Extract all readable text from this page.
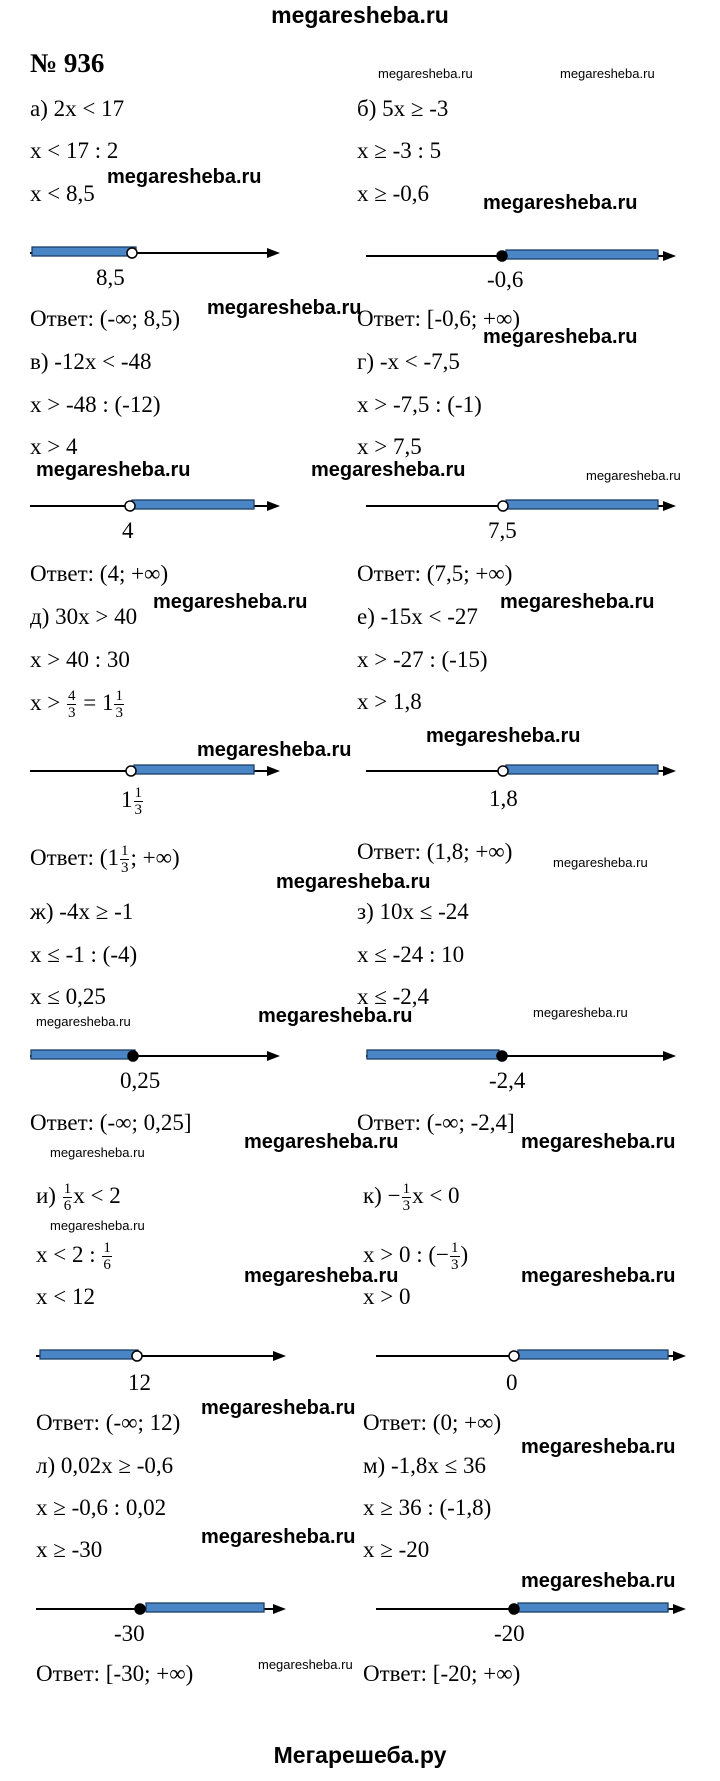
megaresheba.ru
Мегарешеба.ру
№ 936
а) 2x < 17
x < 17 : 2
x < 8,5
8,5
Ответ: (-∞; 8,5)
в) -12x < -48
x > -48 : (-12)
x > 4
4
Ответ: (4; +∞)
д) 30x > 40
x > 40 : 30
$x > \frac{4}{3} = 1 \frac{1}{3}$
$1 \frac{1}{3}$
Ответ: ($1 \frac{1}{3}$ ; +∞)
ж) -4x ≥ -1
x ≤ -1 : (-4)
x ≤ 0,25
0,25
Ответ: (-∞; 0,25]
$и) \frac{1}{6}$ x < 2
x < 2 : $\frac{1}{6}$
x < 12
12
Ответ: (-∞; 12)
л) 0,02x ≥ -0,6
x ≥ -0,6 : 0,02
x ≥ -30
-30
Ответ: [-30; +∞)
б) 5x ≥ -3
x ≥ -3 : 5
x ≥ -0,6
-0,6
Ответ: [-0,6; +∞)
г) -x < -7,5
x > -7,5 : (-1)
x > 7,5
7,5
Ответ: (7,5; +∞)
е) -15x < -27
x > -27 : (-15)
x > 1,8
1,8
Ответ: (1,8; +∞)
з) 10x ≤ -24
x ≤ -24 : 10
x ≤ -2,4
-2,4
Ответ: (-∞; -2,4]
$к) - \frac{1}{3}$ x < 0
x > 0 : (− $\frac{1}{3}$ )
x > 0
0
Ответ: (0; +∞)
м) -1,8x ≤ 36
x ≥ 36 : (-1,8)
x ≥ -20
-20
Ответ: [-20; +∞)
megaresheba.ru	megaresheba.ru
megaresheba.ru
megaresheba.ru
megaresheba.ru
megaresheba.ru
megaresheba.ru	megaresheba.ru	megaresheba.ru
megaresheba.ru	megaresheba.ru
megaresheba.ru
megaresheba.ru
megaresheba.ru
megaresheba.ru
megaresheba.ru	megaresheba.ru	megaresheba.ru
megaresheba.ru	megaresheba.ru	megaresheba.ru
megaresheba.ru
megaresheba.ru	megaresheba.ru
megaresheba.ru
megaresheba.ru
megaresheba.ru
megaresheba.ru
megaresheba.ru
